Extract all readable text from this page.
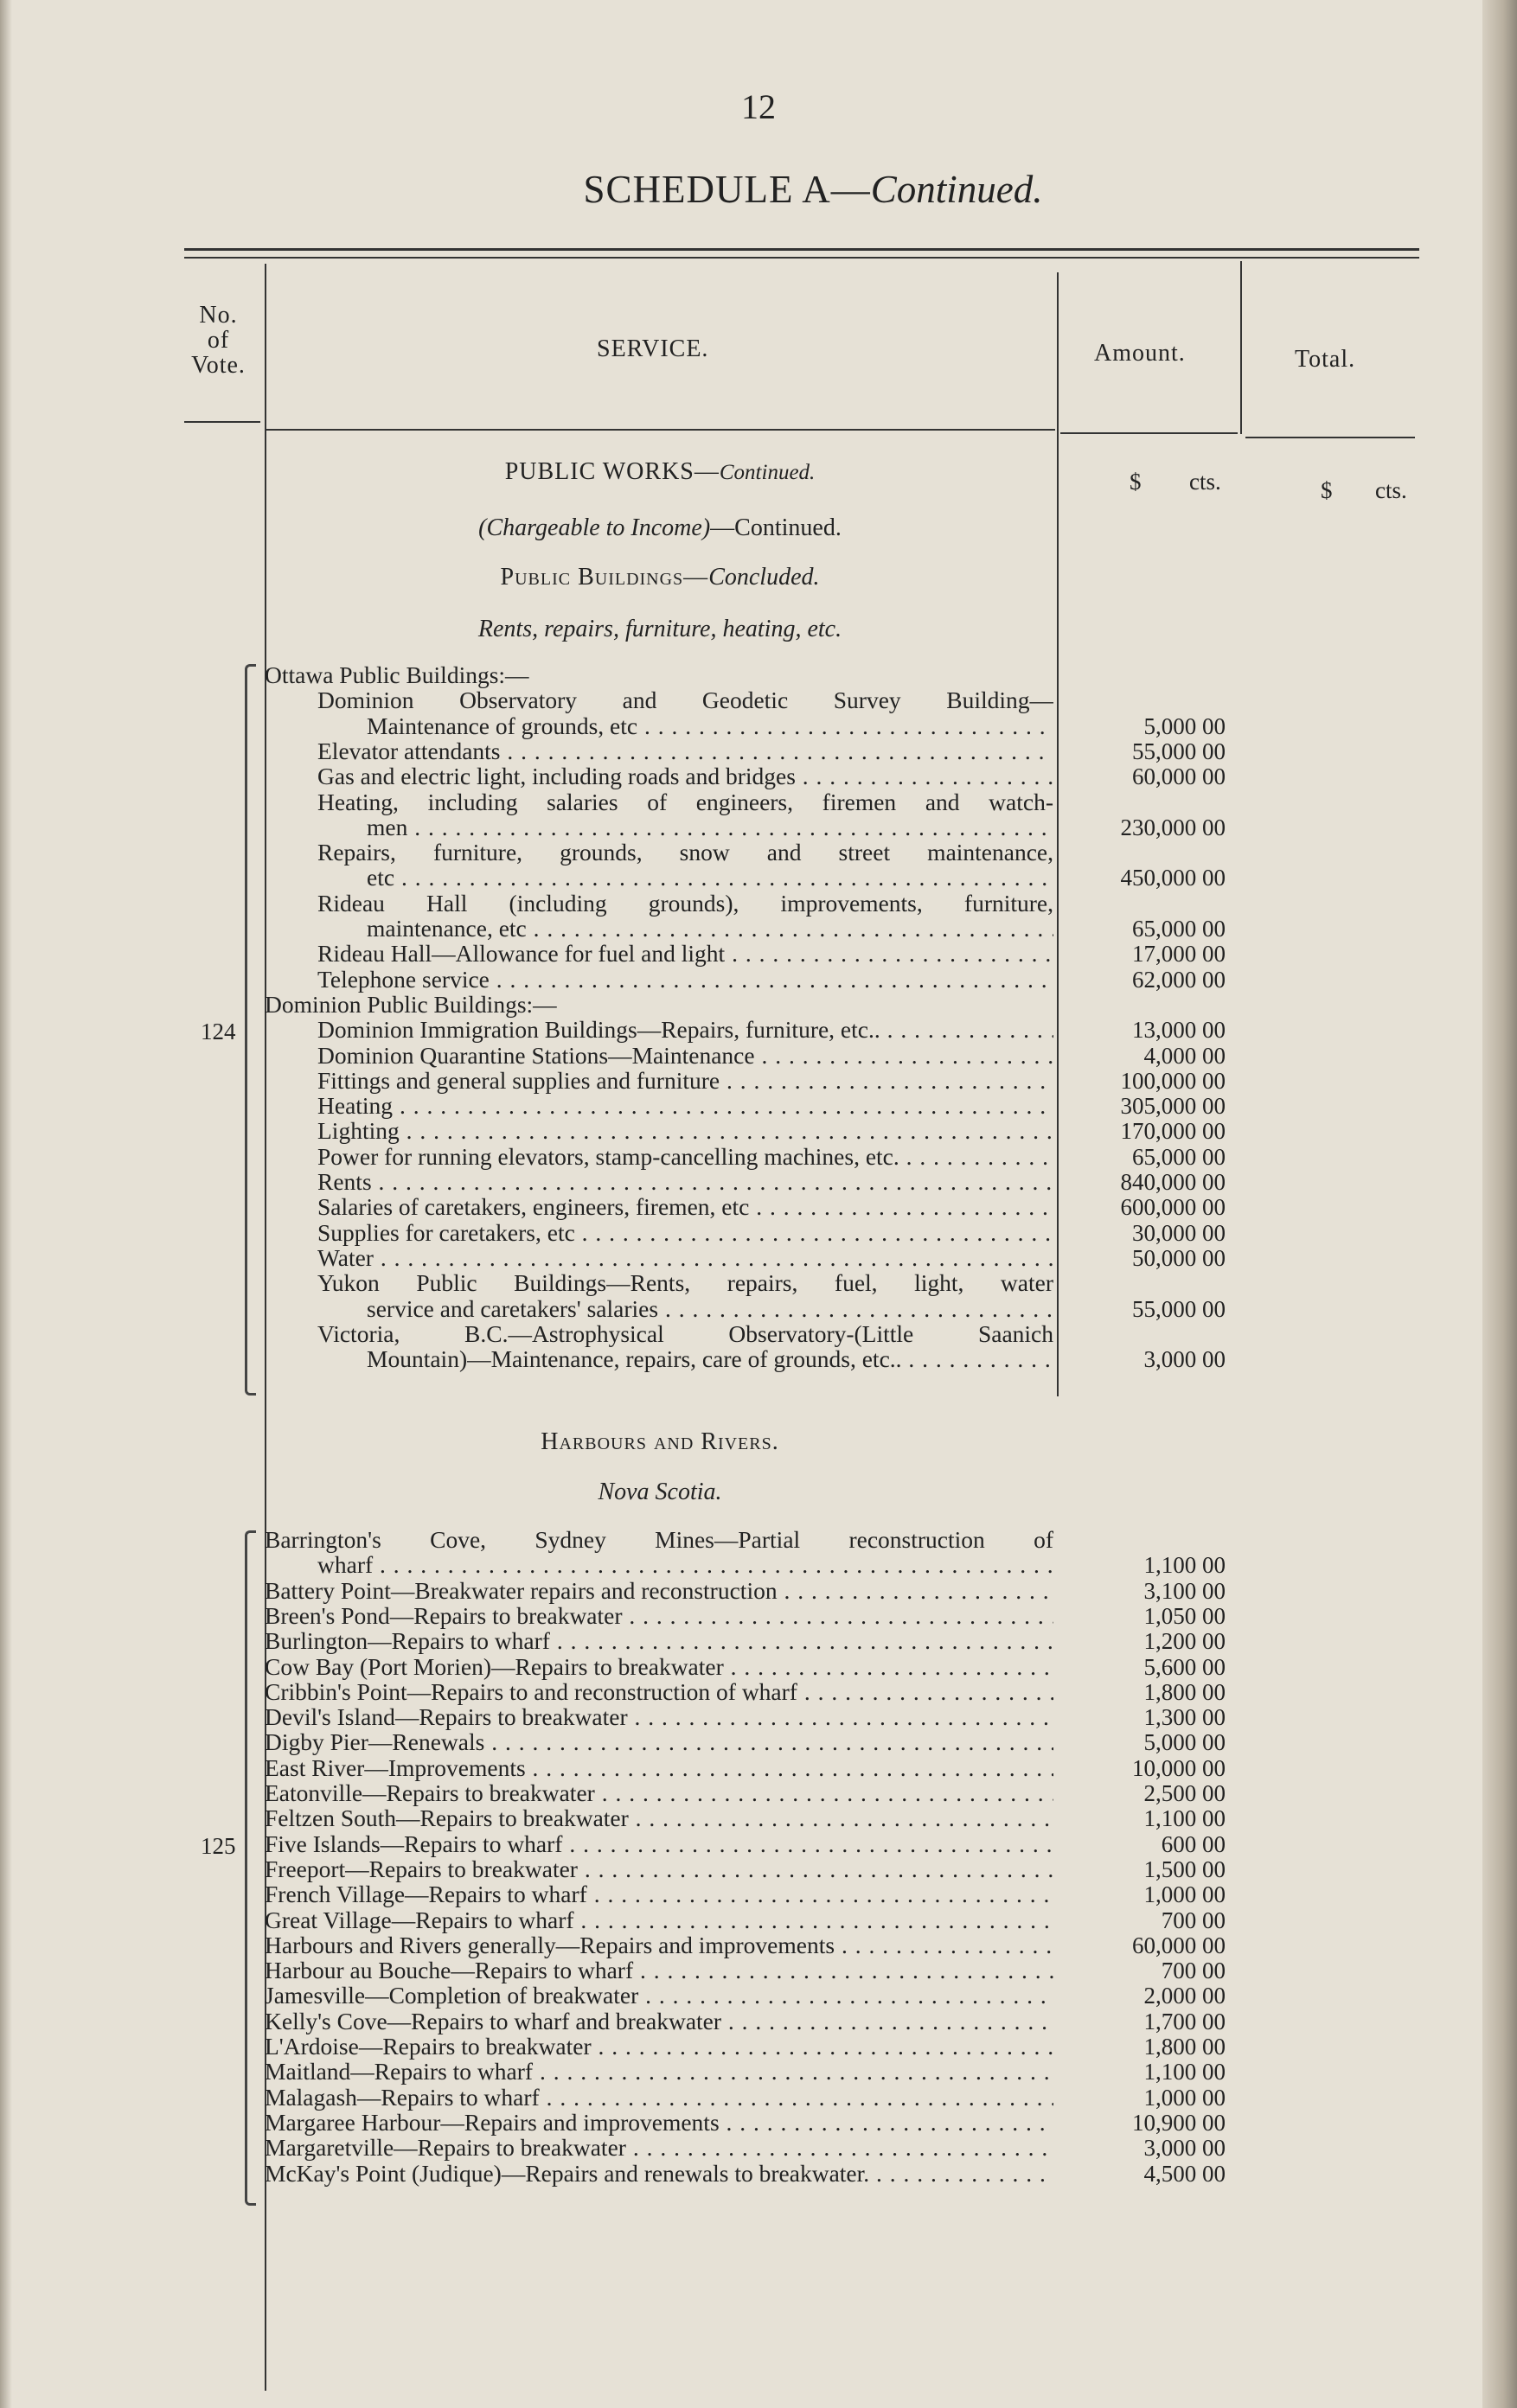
12
SCHEDULE A—Continued.
No.
of
Vote.
SERVICE.	Amount.	Total.
PUBLIC WORKS—Continued.
(Chargeable to Income)—Continued.
Public Buildings—Concluded.
Rents, repairs, furniture, heating, etc.
$ cts.	$ cts.
124
Ottawa Public Buildings:—
Dominion Observatory and Geodetic Survey Building—
Maintenance of grounds, etc . . .	5,000 00
Elevator attendants . . .	55,000 00
Gas and electric light, including roads and bridges . . .	60,000 00
Heating, including salaries of engineers, firemen and watch-
men . . .	230,000 00
Repairs, furniture, grounds, snow and street maintenance,
etc . . .	450,000 00
Rideau Hall (including grounds), improvements, furniture,
maintenance, etc . . .	65,000 00
Rideau Hall—Allowance for fuel and light . . .	17,000 00
Telephone service . . .	62,000 00
Dominion Public Buildings:—
Dominion Immigration Buildings—Repairs, furniture, etc.. . . .	13,000 00
Dominion Quarantine Stations—Maintenance . . .	4,000 00
Fittings and general supplies and furniture . . .	100,000 00
Heating . . .	305,000 00
Lighting . . .	170,000 00
Power for running elevators, stamp-cancelling machines, etc. . . .	65,000 00
Rents . . .	840,000 00
Salaries of caretakers, engineers, firemen, etc . . .	600,000 00
Supplies for caretakers, etc . . .	30,000 00
Water . . .	50,000 00
Yukon Public Buildings—Rents, repairs, fuel, light, water
service and caretakers' salaries . . .	55,000 00
Victoria, B.C.—Astrophysical Observatory-(Little Saanich
Mountain)—Maintenance, repairs, care of grounds, etc.. . . .	3,000 00
Harbours and Rivers.
Nova Scotia.
125
Barrington's Cove, Sydney Mines—Partial reconstruction of
wharf . . .	1,100 00
Battery Point—Breakwater repairs and reconstruction . . .	3,100 00
Breen's Pond—Repairs to breakwater . . .	1,050 00
Burlington—Repairs to wharf . . .	1,200 00
Cow Bay (Port Morien)—Repairs to breakwater . . .	5,600 00
Cribbin's Point—Repairs to and reconstruction of wharf . . .	1,800 00
Devil's Island—Repairs to breakwater . . .	1,300 00
Digby Pier—Renewals . . .	5,000 00
East River—Improvements . . .	10,000 00
Eatonville—Repairs to breakwater . . .	2,500 00
Feltzen South—Repairs to breakwater . . .	1,100 00
Five Islands—Repairs to wharf . . .	600 00
Freeport—Repairs to breakwater . . .	1,500 00
French Village—Repairs to wharf . . .	1,000 00
Great Village—Repairs to wharf . . .	700 00
Harbours and Rivers generally—Repairs and improvements . . .	60,000 00
Harbour au Bouche—Repairs to wharf . . .	700 00
Jamesville—Completion of breakwater . . .	2,000 00
Kelly's Cove—Repairs to wharf and breakwater . . .	1,700 00
L'Ardoise—Repairs to breakwater . . .	1,800 00
Maitland—Repairs to wharf . . .	1,100 00
Malagash—Repairs to wharf . . .	1,000 00
Margaree Harbour—Repairs and improvements . . .	10,900 00
Margaretville—Repairs to breakwater . . .	3,000 00
McKay's Point (Judique)—Repairs and renewals to breakwater. . . .	4,500 00
